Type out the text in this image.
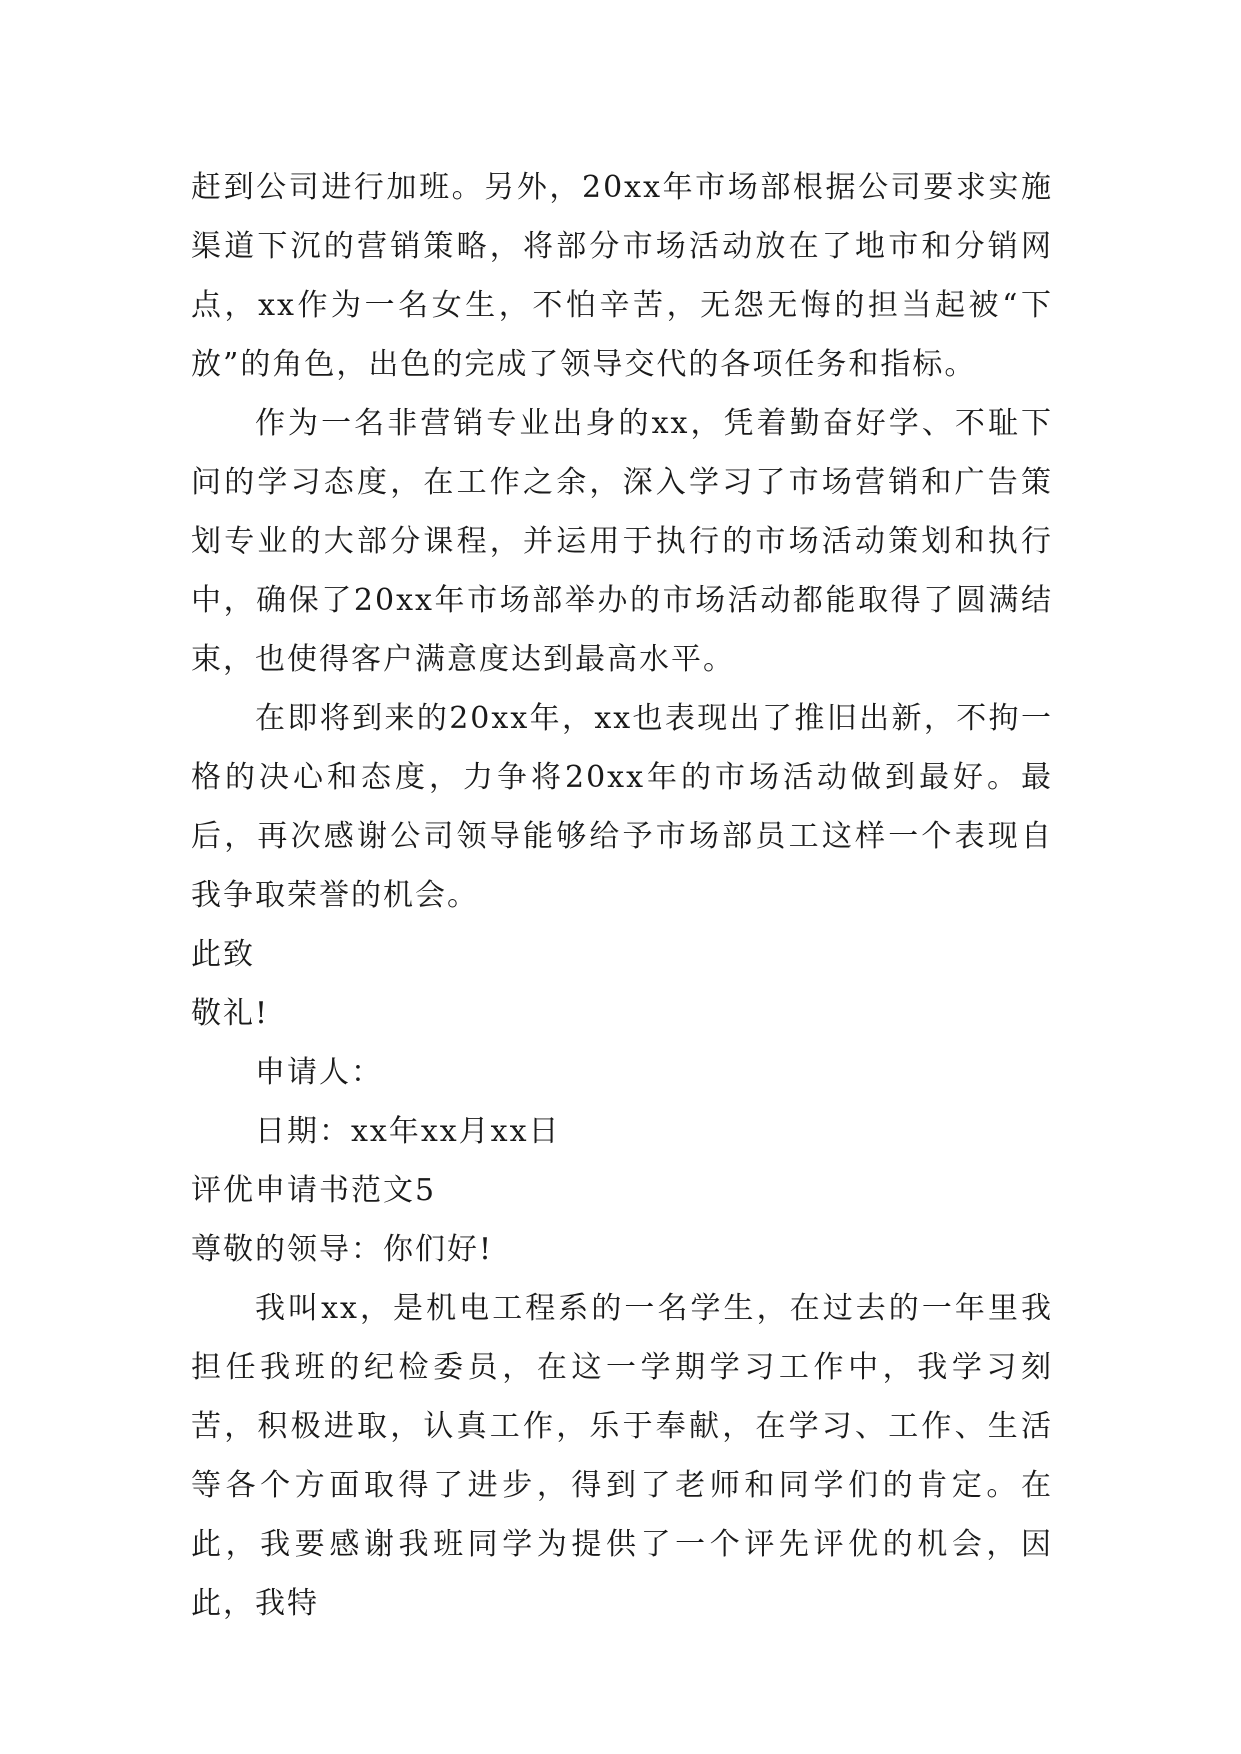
赶到公司进行加班。另外，20xx年市场部根据公司要求实施渠道下沉的营销策略，将部分市场活动放在了地市和分销网点，xx作为一名女生，不怕辛苦，无怨无悔的担当起被“下放”的角色，出色的完成了领导交代的各项任务和指标。

作为一名非营销专业出身的xx，凭着勤奋好学、不耻下问的学习态度，在工作之余，深入学习了市场营销和广告策划专业的大部分课程，并运用于执行的市场活动策划和执行中，确保了20xx年市场部举办的市场活动都能取得了圆满结束，也使得客户满意度达到最高水平。

在即将到来的20xx年，xx也表现出了推旧出新，不拘一格的决心和态度，力争将20xx年的市场活动做到最好。最后，再次感谢公司领导能够给予市场部员工这样一个表现自我争取荣誉的机会。

此致

敬礼!

申请人：

日期：xx年xx月xx日

评优申请书范文5

尊敬的领导：你们好!

我叫xx，是机电工程系的一名学生，在过去的一年里我担任我班的纪检委员，在这一学期学习工作中，我学习刻苦，积极进取，认真工作，乐于奉献，在学习、工作、生活等各个方面取得了进步，得到了老师和同学们的肯定。在此，我要感谢我班同学为提供了一个评先评优的机会，因此，我特
